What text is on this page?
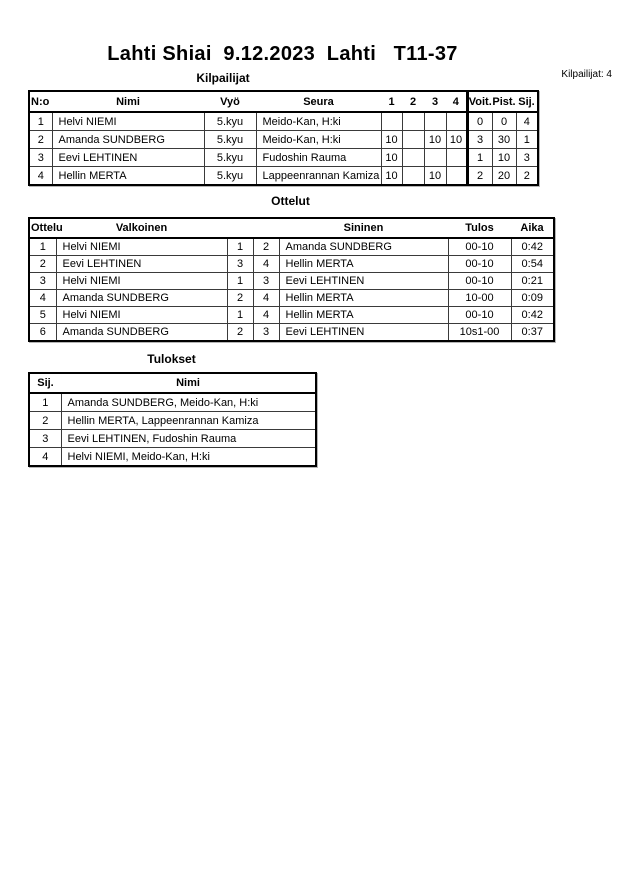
Lahti Shiai  9.12.2023  Lahti   T11-37
Kilpailijat: 4
Kilpailijat
N:o	Nimi	Vyö	Seura	1	2	3	4	Voit.	Pist.	Sij.
1	Helvi NIEMI	5.kyu	Meido-Kan, H:ki					0	0	4
2	Amanda SUNDBERG	5.kyu	Meido-Kan, H:ki	10		10	10	3	30	1
3	Eevi LEHTINEN	5.kyu	Fudoshin Rauma	10				1	10	3
4	Hellin MERTA	5.kyu	Lappeenrannan Kamiza	10		10		2	20	2
Ottelut
Ottelu	Valkoinen			Sininen	Tulos	Aika
1	Helvi NIEMI	1	2	Amanda SUNDBERG	00-10	0:42
2	Eevi LEHTINEN	3	4	Hellin MERTA	00-10	0:54
3	Helvi NIEMI	1	3	Eevi LEHTINEN	00-10	0:21
4	Amanda SUNDBERG	2	4	Hellin MERTA	10-00	0:09
5	Helvi NIEMI	1	4	Hellin MERTA	00-10	0:42
6	Amanda SUNDBERG	2	3	Eevi LEHTINEN	10s1-00	0:37
Tulokset
Sij.	Nimi
1	Amanda SUNDBERG, Meido-Kan, H:ki
2	Hellin MERTA, Lappeenrannan Kamiza
3	Eevi LEHTINEN, Fudoshin Rauma
4	Helvi NIEMI, Meido-Kan, H:ki
